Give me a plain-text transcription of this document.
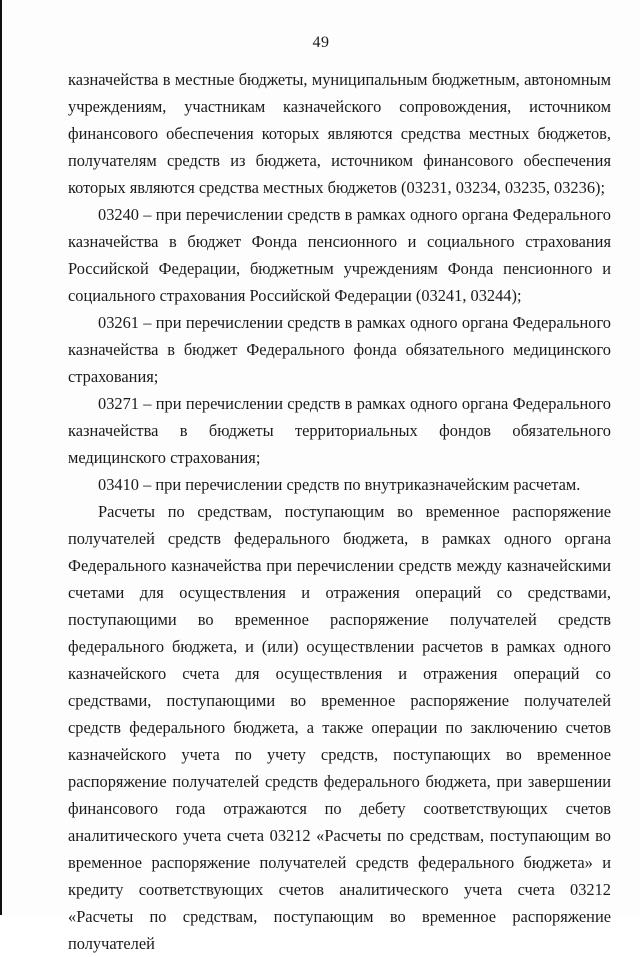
49

казначейства в местные бюджеты, муниципальным бюджетным, автономным учреждениям, участникам казначейского сопровождения, источником финансового обеспечения которых являются средства местных бюджетов, получателям средств из бюджета, источником финансового обеспечения которых являются средства местных бюджетов (03231, 03234, 03235, 03236);

03240 – при перечислении средств в рамках одного органа Федерального казначейства в бюджет Фонда пенсионного и социального страхования Российской Федерации, бюджетным учреждениям Фонда пенсионного и социального страхования Российской Федерации (03241, 03244);

03261 – при перечислении средств в рамках одного органа Федерального казначейства в бюджет Федерального фонда обязательного медицинского страхования;

03271 – при перечислении средств в рамках одного органа Федерального казначейства в бюджеты территориальных фондов обязательного медицинского страхования;

03410 – при перечислении средств по внутриказначейским расчетам.

Расчеты по средствам, поступающим во временное распоряжение получателей средств федерального бюджета, в рамках одного органа Федерального казначейства при перечислении средств между казначейскими счетами для осуществления и отражения операций со средствами, поступающими во временное распоряжение получателей средств федерального бюджета, и (или) осуществлении расчетов в рамках одного казначейского счета для осуществления и отражения операций со средствами, поступающими во временное распоряжение получателей средств федерального бюджета, а также операции по заключению счетов казначейского учета по учету средств, поступающих во временное распоряжение получателей средств федерального бюджета, при завершении финансового года отражаются по дебету соответствующих счетов аналитического учета счета 03212 «Расчеты по средствам, поступающим во временное распоряжение получателей средств федерального бюджета» и кредиту соответствующих счетов аналитического учета счета 03212 «Расчеты по средствам, поступающим во временное распоряжение получателей
